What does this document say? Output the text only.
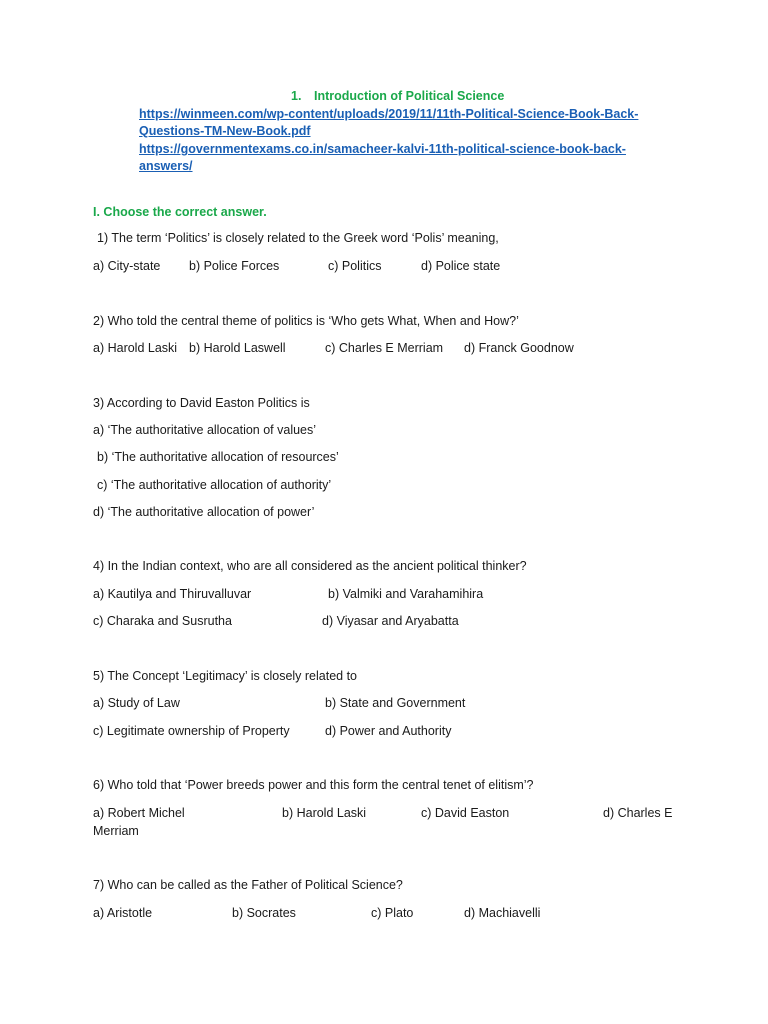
1. Introduction of Political Science
https://winmeen.com/wp-content/uploads/2019/11/11th-Political-Science-Book-Back-
Questions-TM-New-Book.pdf
https://governmentexams.co.in/samacheer-kalvi-11th-political-science-book-back-
answers/
I. Choose the correct answer.
1) The term ‘Politics’ is closely related to the Greek word ‘Polis’ meaning,
a) City-state b) Police Forces	c) Politics	d) Police state
2) Who told the central theme of politics is ‘Who gets What, When and How?’
a) Harold Laski b) Harold Laswell	c) Charles E Merriam d) Franck Goodnow
3) According to David Easton Politics is
a) ‘The authoritative allocation of values’
b) ‘The authoritative allocation of resources’
c) ‘The authoritative allocation of authority’
d) ‘The authoritative allocation of power’
4) In the Indian context, who are all considered as the ancient political thinker?
a) Kautilya and Thiruvalluvar	b) Valmiki and Varahamihira
c) Charaka and Susrutha	d) Viyasar and Aryabatta
5) The Concept ‘Legitimacy’ is closely related to
a) Study of Law	b) State and Government
c) Legitimate ownership of Property	d) Power and Authority
6) Who told that ‘Power breeds power and this form the central tenet of elitism’?
a) Robert Michel	b) Harold Laski	c) David Easton	d) Charles E
Merriam
7) Who can be called as the Father of Political Science?
a) Aristotle	b) Socrates	c) Plato	d) Machiavelli
